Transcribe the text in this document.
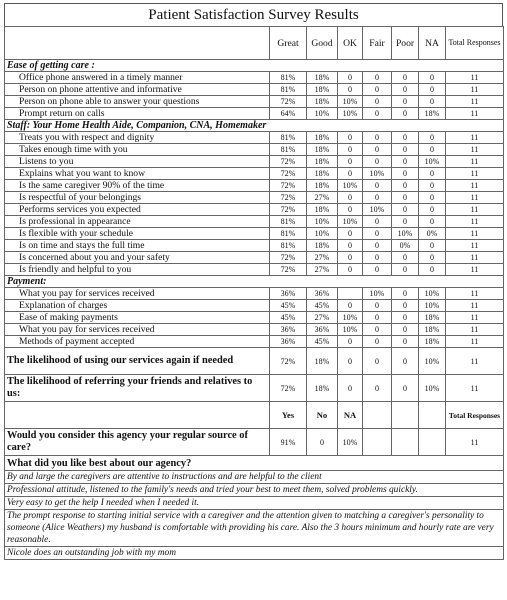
Patient Satisfaction Survey Results
	Great	Good	OK	Fair	Poor	NA	Total Responses
Ease of getting care :							
Office phone answered in a timely manner	81%	18%	0	0	0	0	11
Person on phone attentive and informative	81%	18%	0	0	0	0	11
Person on phone able to answer your questions	72%	18%	10%	0	0	0	11
Prompt return on calls	64%	10%	10%	0	0	18%	11
Staff: Your Home Health Aide, Companion, CNA, Homemaker							
Treats you with respect and dignity	81%	18%	0	0	0	0	11
Takes enough time with you	81%	18%	0	0	0	0	11
Listens to you	72%	18%	0	0	0	10%	11
Explains what you want to know	72%	18%	0	10%	0	0	11
Is the same caregiver 90% of the time	72%	18%	10%	0	0	0	11
Is respectful of your belongings	72%	27%	0	0	0	0	11
Performs services you expected	72%	18%	0	10%	0	0	11
Is professional in appearance	81%	10%	10%	0	0	0	11
Is flexible with your schedule	81%	10%	0	0	10%	0%	11
Is on time and stays the full time	81%	18%	0	0	0%	0	11
Is concerned about you and your safety	72%	27%	0	0	0	0	11
Is friendly and helpful to you	72%	27%	0	0	0	0	11
Payment:							
What you pay for services received	36%	36%		10%	0	10%	11
Explanation of charges	45%	45%	0	0	0	10%	11
Ease of making payments	45%	27%	10%	0	0	18%	11
What you pay for services received	36%	36%	10%	0	0	18%	11
Methods of payment accepted	36%	45%	0	0	0	18%	11
The likelihood of using our services again if needed	72%	18%	0	0	0	10%	11
The likelihood of referring your friends and relatives to us:	72%	18%	0	0	0	10%	11
	Yes	No	NA				Total Responses
Would you consider this agency your regular source of care?	91%	0	10%				11
What did you like best about our agency?							
By and large the caregivers are attentive to instructions and are helpful to the client							
Professional attitude, listened to the family's needs and tried your best to meet them, solved problems quickly.							
Very easy to get the help I needed when I needed it.							
The prompt response to starting initial service with a caregiver and the attention given to matching a caregiver's personality to someone (Alice Weathers) my husband is comfortable with providing his care. Also the 3 hours minimum and hourly rate are very reasonable.							
Nicole does an outstanding job with my mom							
